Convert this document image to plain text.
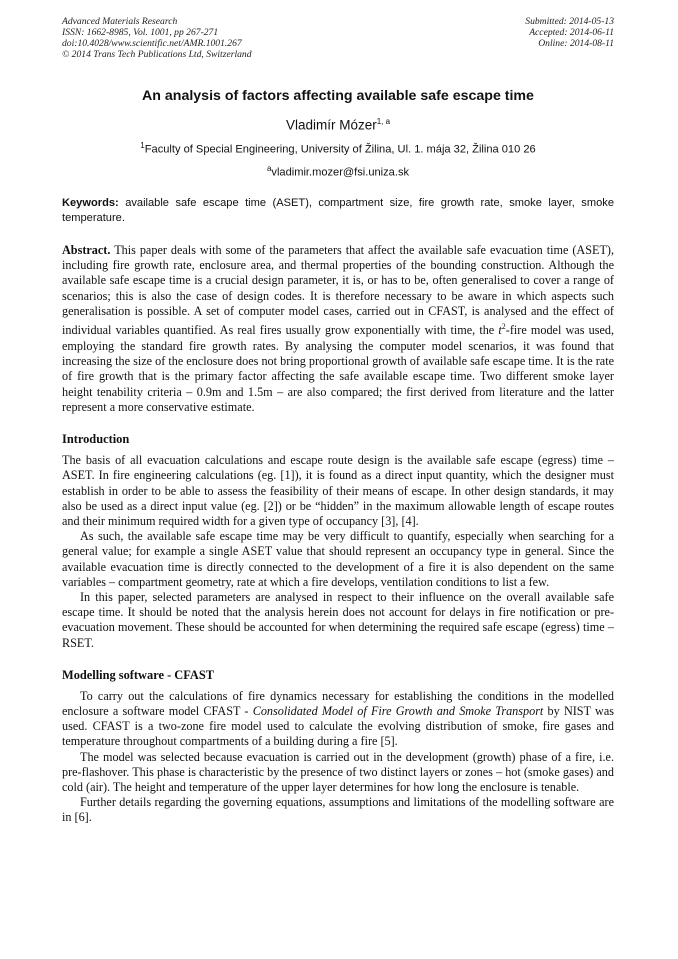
Advanced Materials Research
ISSN: 1662-8985, Vol. 1001, pp 267-271
doi:10.4028/www.scientific.net/AMR.1001.267
© 2014 Trans Tech Publications Ltd, Switzerland
Submitted: 2014-05-13
Accepted: 2014-06-11
Online: 2014-08-11
An analysis of factors affecting available safe escape time
Vladimír Mózer$^{1, a}$
$^1$Faculty of Special Engineering, University of Žilina, Ul. 1. mája 32, Žilina 010 26
$^a$vladimir.mozer@fsi.uniza.sk
Keywords: available safe escape time (ASET), compartment size, fire growth rate, smoke layer, smoke temperature.
Abstract. This paper deals with some of the parameters that affect the available safe evacuation time (ASET), including fire growth rate, enclosure area, and thermal properties of the bounding construction. Although the available safe escape time is a crucial design parameter, it is, or has to be, often generalised to cover a range of scenarios; this is also the case of design codes. It is therefore necessary to be aware in which aspects such generalisation is possible. A set of computer model cases, carried out in CFAST, is analysed and the effect of individual variables quantified. As real fires usually grow exponentially with time, the $t^2$-fire model was used, employing the standard fire growth rates. By analysing the computer model scenarios, it was found that increasing the size of the enclosure does not bring proportional growth of available safe escape time. It is the rate of fire growth that is the primary factor affecting the safe available escape time. Two different smoke layer height tenability criteria – 0.9m and 1.5m – are also compared; the first derived from literature and the latter represent a more conservative estimate.
Introduction

The basis of all evacuation calculations and escape route design is the available safe escape (egress) time – ASET. In fire engineering calculations (eg. [1]), it is found as a direct input quantity, which the designer must establish in order to be able to assess the feasibility of their means of escape. In other design standards, it may also be used as a direct input value (eg. [2]) or be “hidden” in the maximum allowable length of escape routes and their minimum required width for a given type of occupancy [3], [4].

As such, the available safe escape time may be very difficult to quantify, especially when searching for a general value; for example a single ASET value that should represent an occupancy type in general. Since the available evacuation time is directly connected to the development of a fire it is also dependent on the same variables – compartment geometry, rate at which a fire develops, ventilation conditions to list a few.

In this paper, selected parameters are analysed in respect to their influence on the overall available safe escape time. It should be noted that the analysis herein does not account for delays in fire notification or pre-evacuation movement. These should be accounted for when determining the required safe escape (egress) time – RSET.

Modelling software - CFAST

To carry out the calculations of fire dynamics necessary for establishing the conditions in the modelled enclosure a software model CFAST - Consolidated Model of Fire Growth and Smoke Transport by NIST was used. CFAST is a two-zone fire model used to calculate the evolving distribution of smoke, fire gases and temperature throughout compartments of a building during a fire [5].

The model was selected because evacuation is carried out in the development (growth) phase of a fire, i.e. pre-flashover. This phase is characteristic by the presence of two distinct layers or zones – hot (smoke gases) and cold (air). The height and temperature of the upper layer determines for how long the enclosure is tenable.

Further details regarding the governing equations, assumptions and limitations of the modelling software are in [6].
